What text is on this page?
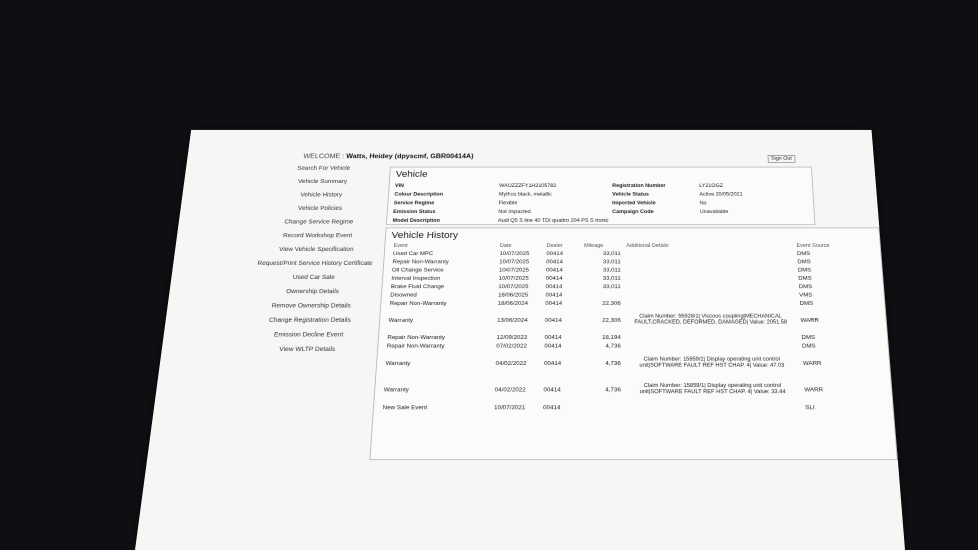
WELCOME : Watts, Heidey (dpyscmf, GBR00414A)	Sign Out
Search For Vehicle
Vehicle Summary
Vehicle History
Vehicle Policies
Change Service Regime
Record Workshop Event
View Vehicle Specification
Request/Print Service History Certificate
Used Car Sale
Ownership Details
Remove Ownership Details
Change Registration Details
Emission Decline Event
View WLTP Details
Vehicle
VIN	WAUZZZFY1H2105782	Registration Number	LY21OGZ
Colour Description	Mythos black, metallic	Vehicle Status	Active 20/05/2021
Service Regime	Flexible	Imported Vehicle	No
Emission Status	Not Impacted	Campaign Code	Unavailable
Model Description	Audi Q5 S line 40 TDI quattro 204 PS S tronic
Vehicle History
Event	Date	Dealer	Mileage	Additional Details	Event Source
Used Car MPC	10/07/2025	00414	33,011		DMS
Repair Non-Warranty	10/07/2025	00414	33,011		DMS
Oil Change Service	10/07/2025	00414	33,011		DMS
Interval Inspection	10/07/2025	00414	33,011		DMS
Brake Fluid Change	10/07/2025	00414	33,011		DMS
Disowned	18/06/2025	00414			VMS
Repair Non-Warranty	18/06/2024	00414	22,306		DMS
Warranty	13/06/2024	00414	22,306	Claim Number: 55928/1| Viscous coupling|MECHANICAL FAULT,CRACKED, DEFORMED, DAMAGED| Value: 2051.58	WARR
Repair Non-Warranty	12/09/2023	00414	18,194		DMS
Repair Non-Warranty	07/02/2022	00414	4,736		DMS
Warranty	04/02/2022	00414	4,736	Claim Number: 15859/2| Display operating unit control unit|SOFTWARE FAULT REF HST CHAP. 4| Value: 47.03	WARR
Warranty	04/02/2022	00414	4,736	Claim Number: 15859/1| Display operating unit control unit|SOFTWARE FAULT REF HST CHAP. 4| Value: 33.44	WARR
New Sale Event	10/07/2021	00414			SLI
